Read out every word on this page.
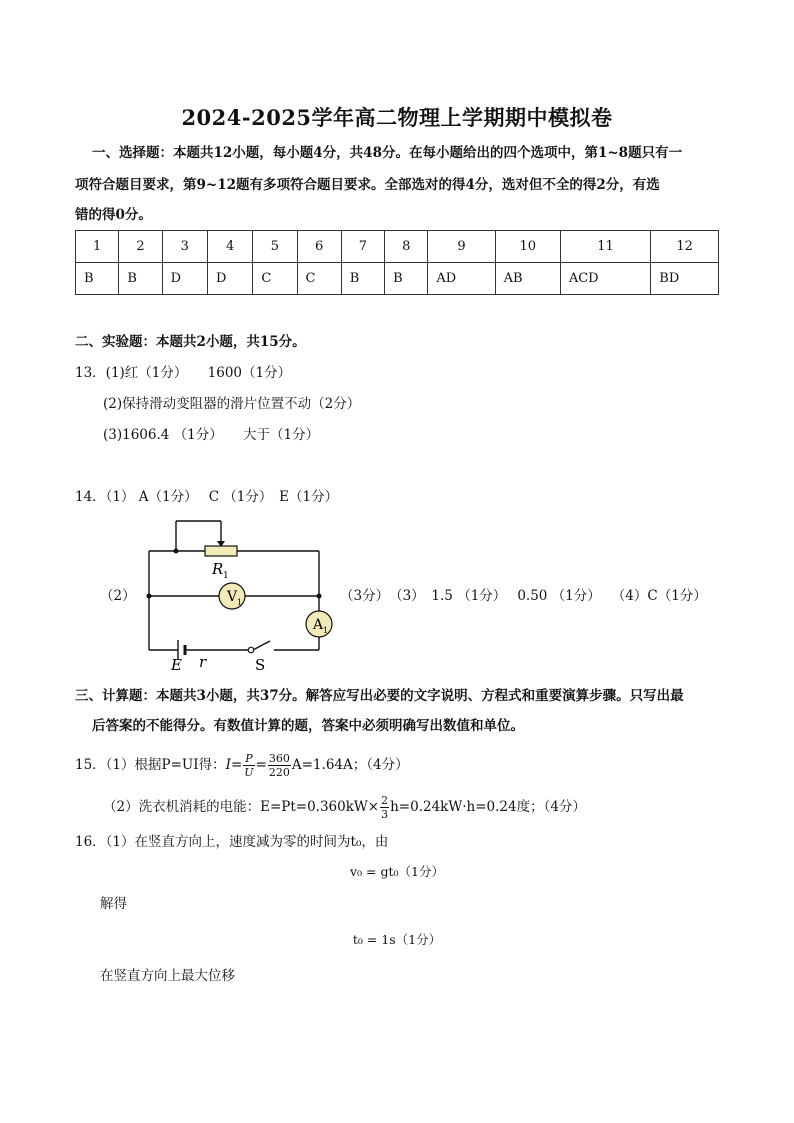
2024-2025学年高二物理上学期期中模拟卷
一、选择题：本题共12小题，每小题4分，共48分。在每小题给出的四个选项中，第1~8题只有一
项符合题目要求，第9~12题有多项符合题目要求。全部选对的得4分，选对但不全的得2分，有选
错的得0分。
1	2	3	4	5	6	7	8	9	10	11	12
B	B	D	D	C	C	B	B	AD	AB	ACD	BD
二、实验题：本题共2小题，共15分。
13．(1)红（1分）　　1600（1分）
(2)保持滑动变阻器的滑片位置不动（2分）
(3)1606.4 （1分）　　大于（1分）
14．（1） A（1分）　 C （1分）　E（1分）
（2）	（3分）　（3）　1.5 （1分）　 0.50 （1分）　 （4）C（1分）
V 1
A 1
R 1
E r	S
三、计算题：本题共3小题，共37分。解答应写出必要的文字说明、方程式和重要演算步骤。只写出最
后答案的不能得分。有数值计算的题，答案中必须明确写出数值和单位。
15．（1）根据P=UI得：$I= \frac{P}{U} = \frac{360}{220} A=1.64A$；（4分）
（2）洗衣机消耗的电能：$E=Pt=0.360kW\times \frac{2}{3} h=0.24kW\cdot h=0.24$度；（4分）
16．（1）在竖直方向上，速度减为零的时间为t₀，由
v₀ = gt₀（1分）
解得
t₀ = 1s（1分）
在竖直方向上最大位移
